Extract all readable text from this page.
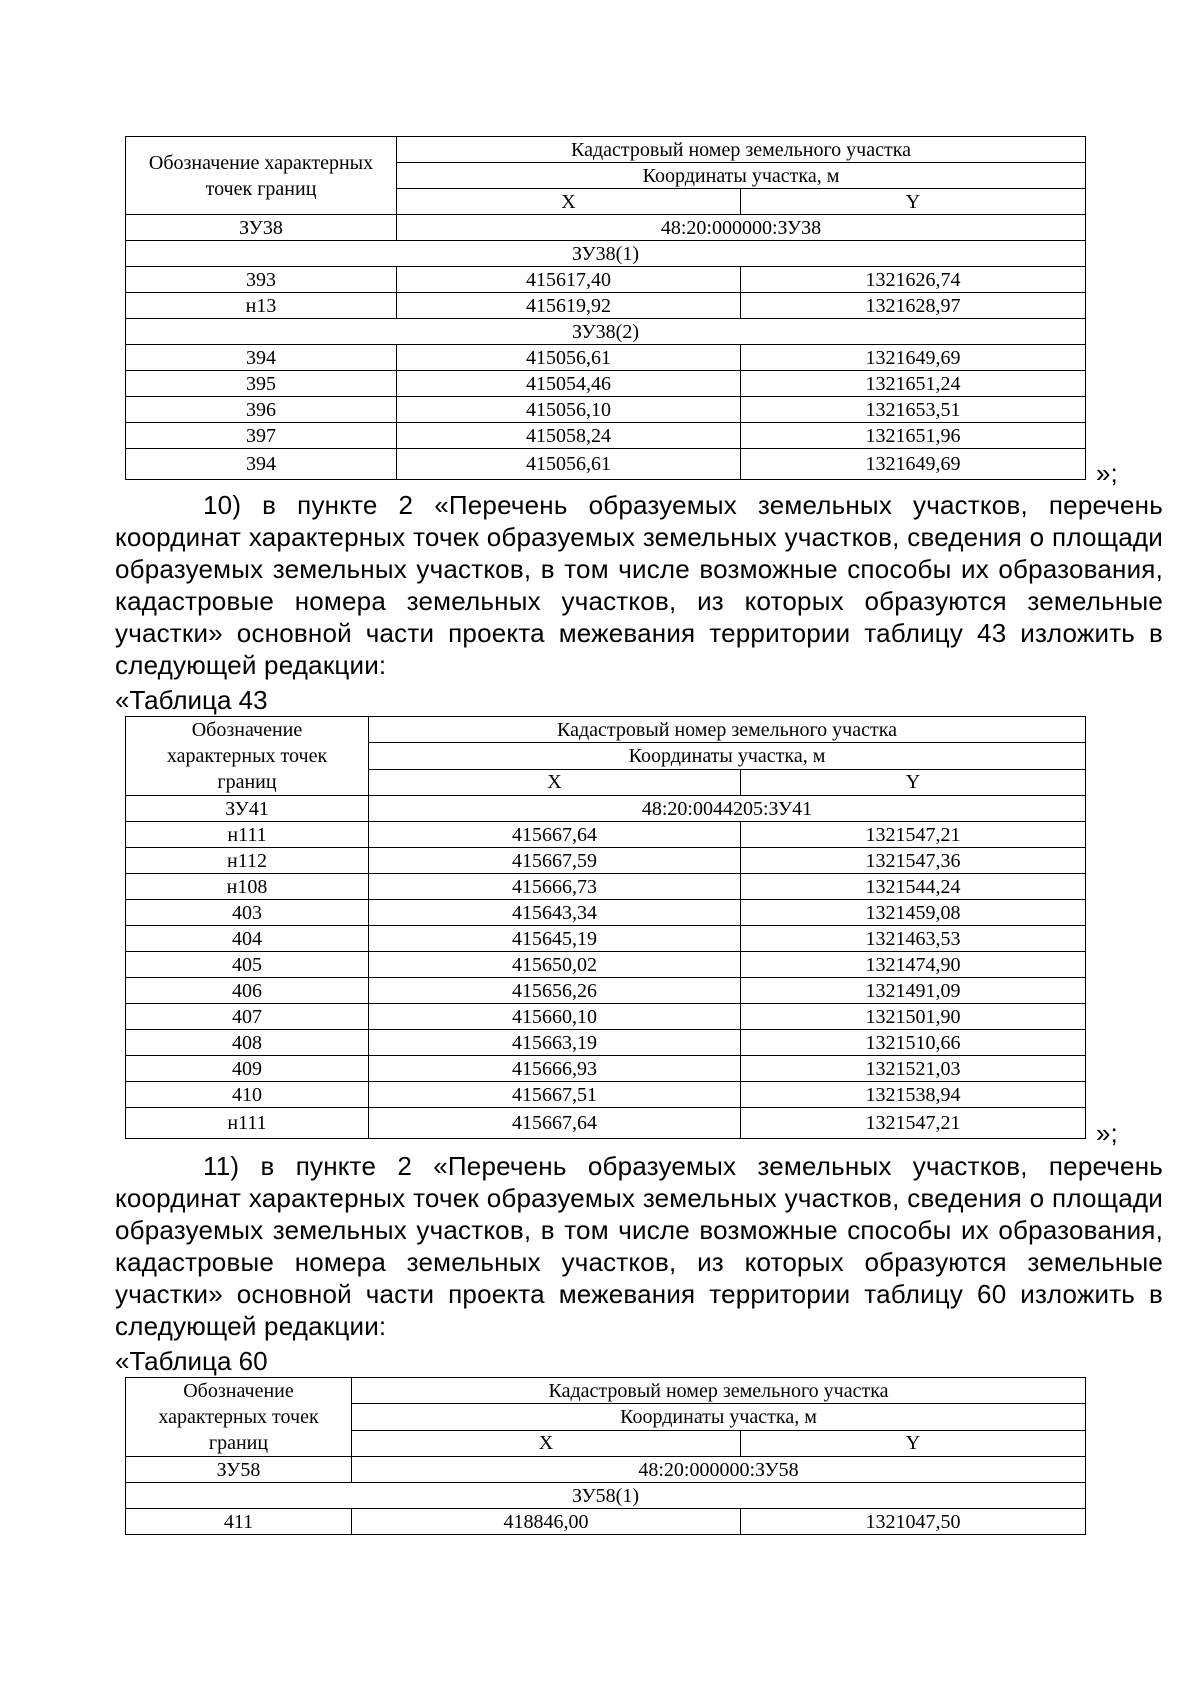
Обозначение характерных точек границ	Кадастровый номер земельного участка	
	Координаты участка, м	
	X	Y
ЗУ38	48:20:000000:ЗУ38	
ЗУ38(1)		
393	415617,40	1321626,74
н13	415619,92	1321628,97
ЗУ38(2)		
394	415056,61	1321649,69
395	415054,46	1321651,24
396	415056,10	1321653,51
397	415058,24	1321651,96
394	415056,61	1321649,69	»;
10) в пункте 2 «Перечень образуемых земельных участков, перечень координат характерных точек образуемых земельных участков, сведения о площади образуемых земельных участков, в том числе возможные способы их образования, кадастровые номера земельных участков, из которых образуются земельные участки» основной части проекта межевания территории таблицу 43 изложить в следующей редакции:
«Таблица 43
Обозначение характерных точек границ	Кадастровый номер земельного участка	
	Координаты участка, м	
	X	Y
ЗУ41	48:20:0044205:ЗУ41	
н111	415667,64	1321547,21
н112	415667,59	1321547,36
н108	415666,73	1321544,24
403	415643,34	1321459,08
404	415645,19	1321463,53
405	415650,02	1321474,90
406	415656,26	1321491,09
407	415660,10	1321501,90
408	415663,19	1321510,66
409	415666,93	1321521,03
410	415667,51	1321538,94
н111	415667,64	1321547,21	»;
11) в пункте 2 «Перечень образуемых земельных участков, перечень координат характерных точек образуемых земельных участков, сведения о площади образуемых земельных участков, в том числе возможные способы их образования, кадастровые номера земельных участков, из которых образуются земельные участки» основной части проекта межевания территории таблицу 60 изложить в следующей редакции:
«Таблица 60
Обозначение характерных точек границ	Кадастровый номер земельного участка	
	Координаты участка, м	
	X	Y
ЗУ58	48:20:000000:ЗУ58	
ЗУ58(1)		
411	418846,00	1321047,50
